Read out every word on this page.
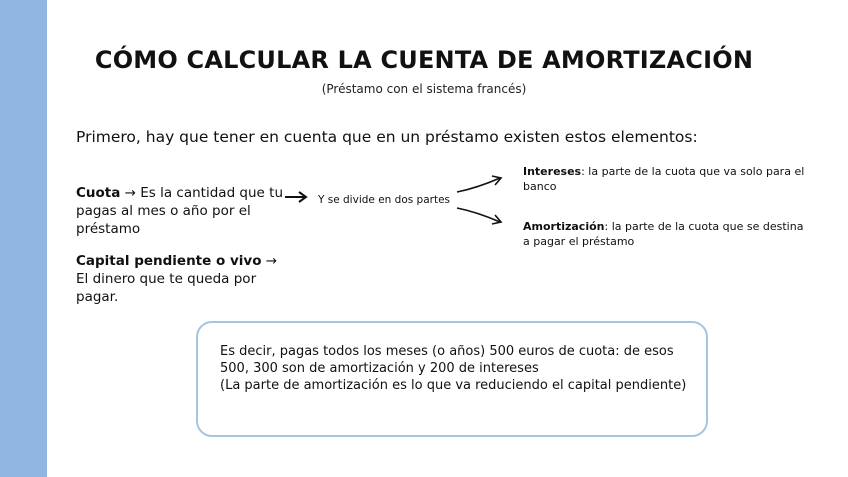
CÓMO CALCULAR LA CUENTA DE AMORTIZACIÓN
(Préstamo con el sistema francés)
Primero, hay que tener en cuenta que en un préstamo existen estos elementos:
Cuota → Es la cantidad que tu pagas al mes o año por el préstamo
Capital pendiente o vivo → El dinero que te queda por pagar.
Y se divide en dos partes
Intereses: la parte de la cuota que va solo para el banco
Amortización: la parte de la cuota que se destina a pagar el préstamo
Es decir, pagas todos los meses (o años) 500 euros de cuota: de esos
500, 300 son de amortización y 200 de intereses
(La parte de amortización es lo que va reduciendo el capital pendiente)
